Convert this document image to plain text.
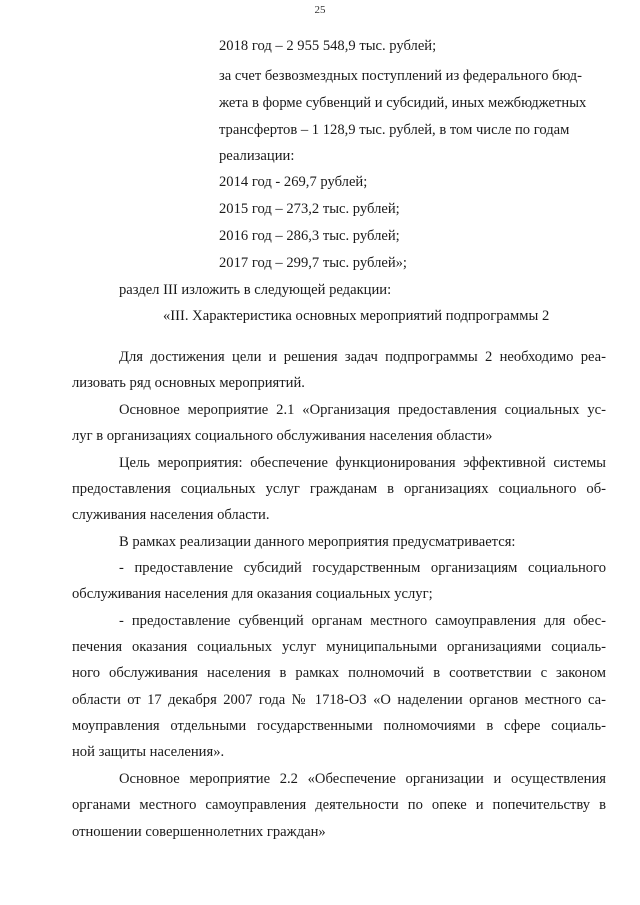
25
2018 год – 2 955 548,9 тыс. рублей;
за счет безвозмездных поступлений из федерального бюд-
жета в форме субвенций и субсидий, иных межбюджетных
трансфертов – 1 128,9 тыс. рублей, в том числе по годам
реализации:
2014 год - 269,7 рублей;
2015 год – 273,2 тыс. рублей;
2016 год – 286,3 тыс. рублей;
2017 год – 299,7 тыс. рублей»;
раздел III изложить в следующей редакции:
«III. Характеристика основных мероприятий подпрограммы 2
Для достижения цели и решения задач подпрограммы 2 необходимо реа-
лизовать ряд основных мероприятий.
Основное мероприятие 2.1 «Организация предоставления социальных ус-
луг в организациях социального обслуживания населения области»
Цель мероприятия: обеспечение функционирования эффективной системы
предоставления социальных услуг гражданам в организациях социального об-
служивания населения области.
В рамках реализации данного мероприятия предусматривается:
- предоставление субсидий государственным организациям социального
обслуживания населения для оказания социальных услуг;
- предоставление субвенций органам местного самоуправления для обес-
печения оказания социальных услуг муниципальными организациями социаль-
ного обслуживания населения в рамках полномочий в соответствии с законом
области от 17 декабря 2007 года № 1718-ОЗ «О наделении органов местного са-
моуправления отдельными государственными полномочиями в сфере социаль-
ной защиты населения».
Основное мероприятие 2.2 «Обеспечение организации и осуществления
органами местного самоуправления деятельности по опеке и попечительству в
отношении совершеннолетних граждан»
